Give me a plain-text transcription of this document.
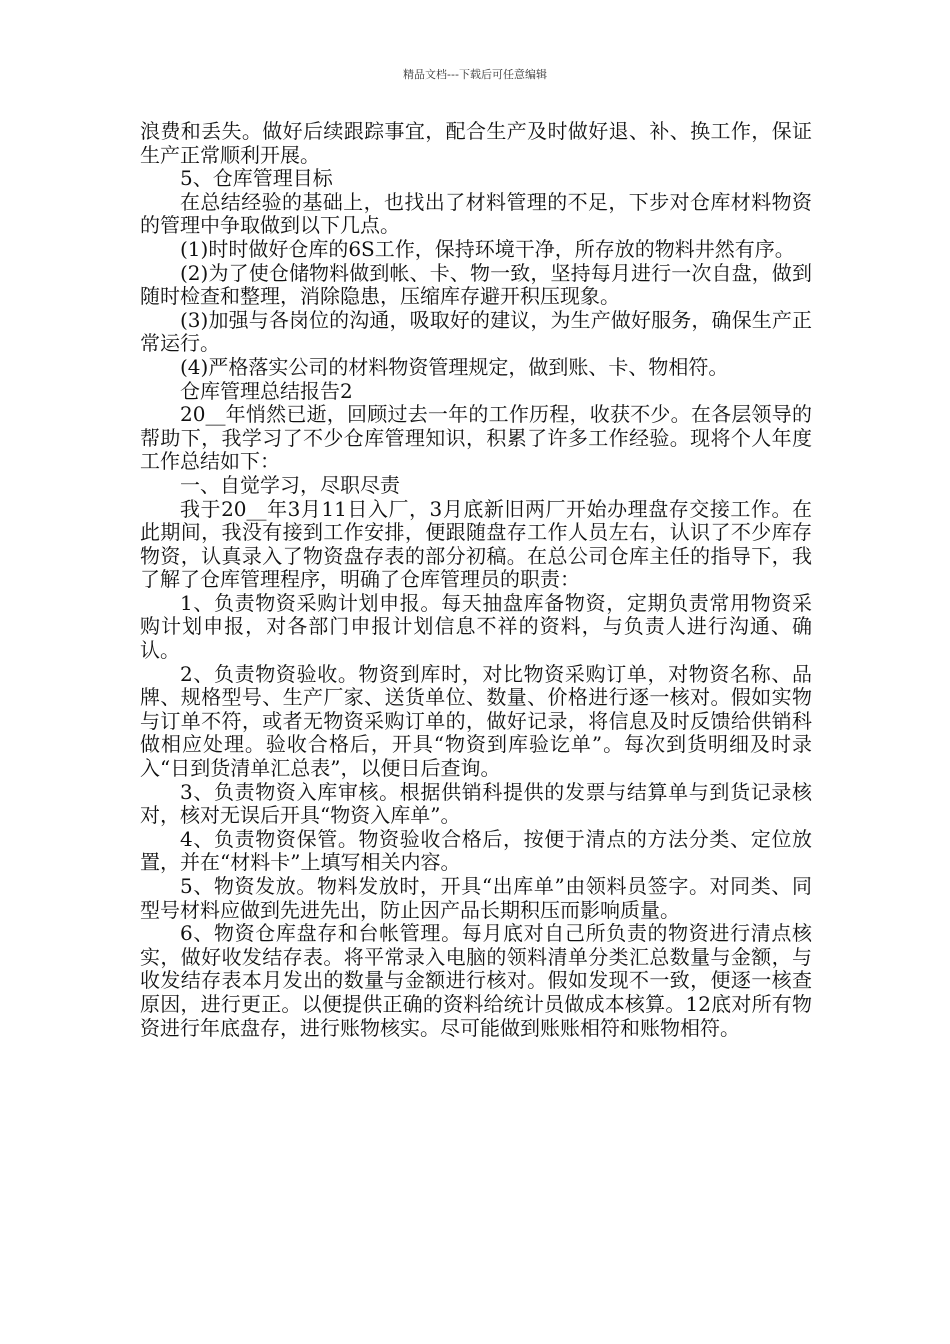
精品文档---下载后可任意编辑

浪费和丢失。做好后续跟踪事宜，配合生产及时做好退、补、换工作，保证生产正常顺利开展。

5、仓库管理目标

在总结经验的基础上，也找出了材料管理的不足，下步对仓库材料物资的管理中争取做到以下几点。

(1)时时做好仓库的6S工作，保持环境干净，所存放的物料井然有序。

(2)为了使仓储物料做到帐、卡、物一致，坚持每月进行一次自盘，做到随时检查和整理，消除隐患，压缩库存避开积压现象。

(3)加强与各岗位的沟通，吸取好的建议，为生产做好服务，确保生产正常运行。

(4)严格落实公司的材料物资管理规定，做到账、卡、物相符。

仓库管理总结报告2

20__年悄然已逝，回顾过去一年的工作历程，收获不少。在各层领导的帮助下，我学习了不少仓库管理知识，积累了许多工作经验。现将个人年度工作总结如下：

一、自觉学习，尽职尽责

我于20__年3月11日入厂，3月底新旧两厂开始办理盘存交接工作。在此期间，我没有接到工作安排，便跟随盘存工作人员左右，认识了不少库存物资，认真录入了物资盘存表的部分初稿。在总公司仓库主任的指导下，我了解了仓库管理程序，明确了仓库管理员的职责：

1、负责物资采购计划申报。每天抽盘库备物资，定期负责常用物资采购计划申报，对各部门申报计划信息不祥的资料，与负责人进行沟通、确认。

2、负责物资验收。物资到库时，对比物资采购订单，对物资名称、品牌、规格型号、生产厂家、送货单位、数量、价格进行逐一核对。假如实物与订单不符，或者无物资采购订单的，做好记录，将信息及时反馈给供销科做相应处理。验收合格后，开具“物资到库验讫单”。每次到货明细及时录入“日到货清单汇总表”，以便日后查询。

3、负责物资入库审核。根据供销科提供的发票与结算单与到货记录核对，核对无误后开具“物资入库单”。

4、负责物资保管。物资验收合格后，按便于清点的方法分类、定位放置，并在“材料卡”上填写相关内容。

5、物资发放。物料发放时，开具“出库单”由领料员签字。对同类、同型号材料应做到先进先出，防止因产品长期积压而影响质量。

6、物资仓库盘存和台帐管理。每月底对自己所负责的物资进行清点核实，做好收发结存表。将平常录入电脑的领料清单分类汇总数量与金额，与收发结存表本月发出的数量与金额进行核对。假如发现不一致，便逐一核查原因，进行更正。以便提供正确的资料给统计员做成本核算。12底对所有物资进行年底盘存，进行账物核实。尽可能做到账账相符和账物相符。
